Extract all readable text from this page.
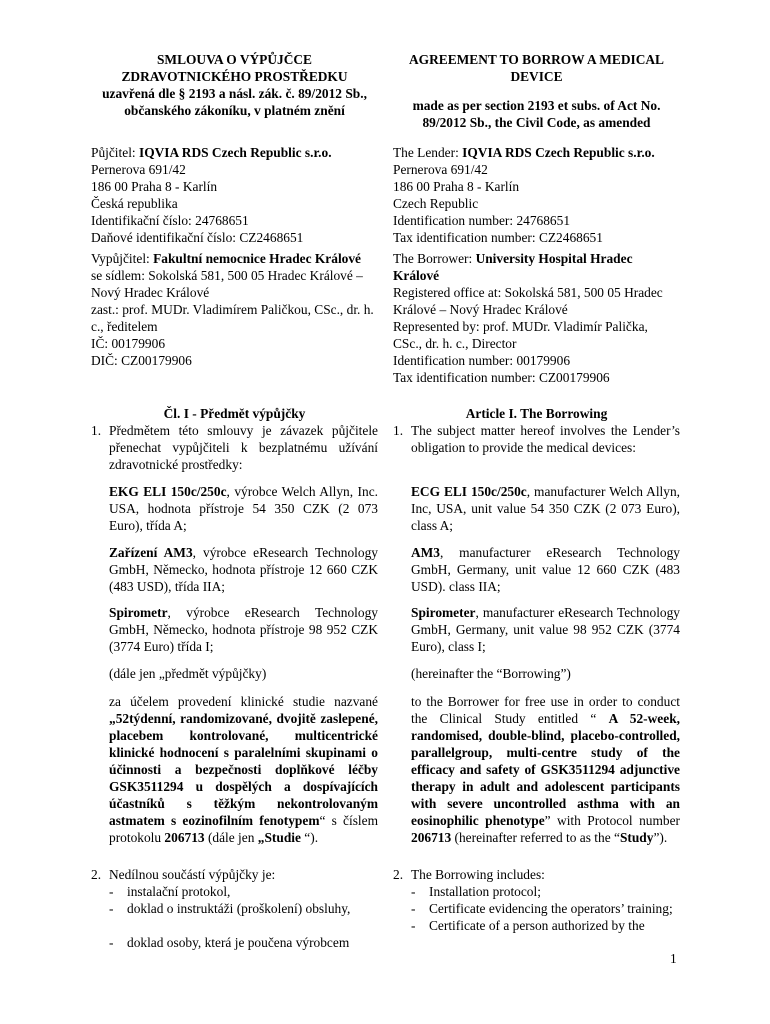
SMLOUVA O VÝPŮJČCE

ZDRAVOTNICKÉHO PROSTŘEDKU

uzavřená dle § 2193 a násl. zák. č. 89/2012 Sb.,

občanského zákoníku, v platném znění

Půjčitel: IQVIA RDS Czech Republic s.r.o.

Pernerova 691/42

186 00 Praha 8 - Karlín

Česká republika

Identifikační číslo: 24768651

Daňové identifikační číslo: CZ2468651

Vypůjčitel: Fakultní nemocnice Hradec Králové

se sídlem: Sokolská 581, 500 05 Hradec Králové – Nový Hradec Králové

zast.: prof. MUDr. Vladimírem Paličkou, CSc., dr. h. c., ředitelem

IČ: 00179906

DIČ: CZ00179906

Čl. I - Předmět výpůjčky

1. Předmětem této smlouvy je závazek půjčitele přenechat vypůjčiteli k bezplatnému užívání zdravotnické prostředky:

EKG ELI 150c/250c, výrobce Welch Allyn, Inc. USA, hodnota přístroje 54 350 CZK (2 073 Euro), třída A;

Zařízení AM3, výrobce eResearch Technology GmbH, Německo, hodnota přístroje 12 660 CZK (483 USD), třída IIA;

Spirometr, výrobce eResearch Technology GmbH, Německo, hodnota přístroje 98 952 CZK (3774 Euro) třída I;

(dále jen „předmět výpůjčky)

za účelem provedení klinické studie nazvané „52týdenní, randomizované, dvojitě zaslepené, placebem kontrolované, multicentrické klinické hodnocení s paralelními skupinami o účinnosti a bezpečnosti doplňkové léčby GSK3511294 u dospělých a dospívajících účastníků s těžkým nekontrolovaným astmatem s eozinofilním fenotypem“ s číslem protokolu 206713 (dále jen „Studie “).

2. Nedílnou součástí výpůjčky je:
-	instalační protokol,
-	doklad o instruktáži (proškolení) obsluhy,
-	doklad osoby, která je poučena výrobcem

AGREEMENT TO BORROW A MEDICAL

DEVICE

made as per section 2193 et subs. of Act No.

89/2012 Sb., the Civil Code, as amended

The Lender: IQVIA RDS Czech Republic s.r.o.

Pernerova 691/42

186 00 Praha 8 - Karlín

Czech Republic

Identification number: 24768651

Tax identification number: CZ2468651

The Borrower: University Hospital Hradec Králové

Registered office at: Sokolská 581, 500 05 Hradec Králové – Nový Hradec Králové

Represented by: prof. MUDr. Vladimír Palička, CSc., dr. h. c., Director

Identification number: 00179906

Tax identification number: CZ00179906

Article I. The Borrowing

1. The subject matter hereof involves the Lender’s obligation to provide the medical devices:

ECG ELI 150c/250c, manufacturer Welch Allyn, Inc, USA, unit value 54 350 CZK (2 073 Euro), class A;

AM3, manufacturer eResearch Technology GmbH, Germany, unit value 12 660 CZK (483 USD). class IIA;

Spirometer, manufacturer eResearch Technology GmbH, Germany, unit value 98 952 CZK (3774 Euro), class I;

(hereinafter the “Borrowing”)

to the Borrower for free use in order to conduct the Clinical Study entitled “ A 52-week, randomised, double-blind, placebo-controlled, parallelgroup, multi-centre study of the efficacy and safety of GSK3511294 adjunctive therapy in adult and adolescent participants with severe uncontrolled asthma with an eosinophilic phenotype” with Protocol number 206713 (hereinafter referred to as the “Study”).

2. The Borrowing includes:
-	Installation protocol;
-	Certificate evidencing the operators’ training;
-	Certificate of a person authorized by the
1
